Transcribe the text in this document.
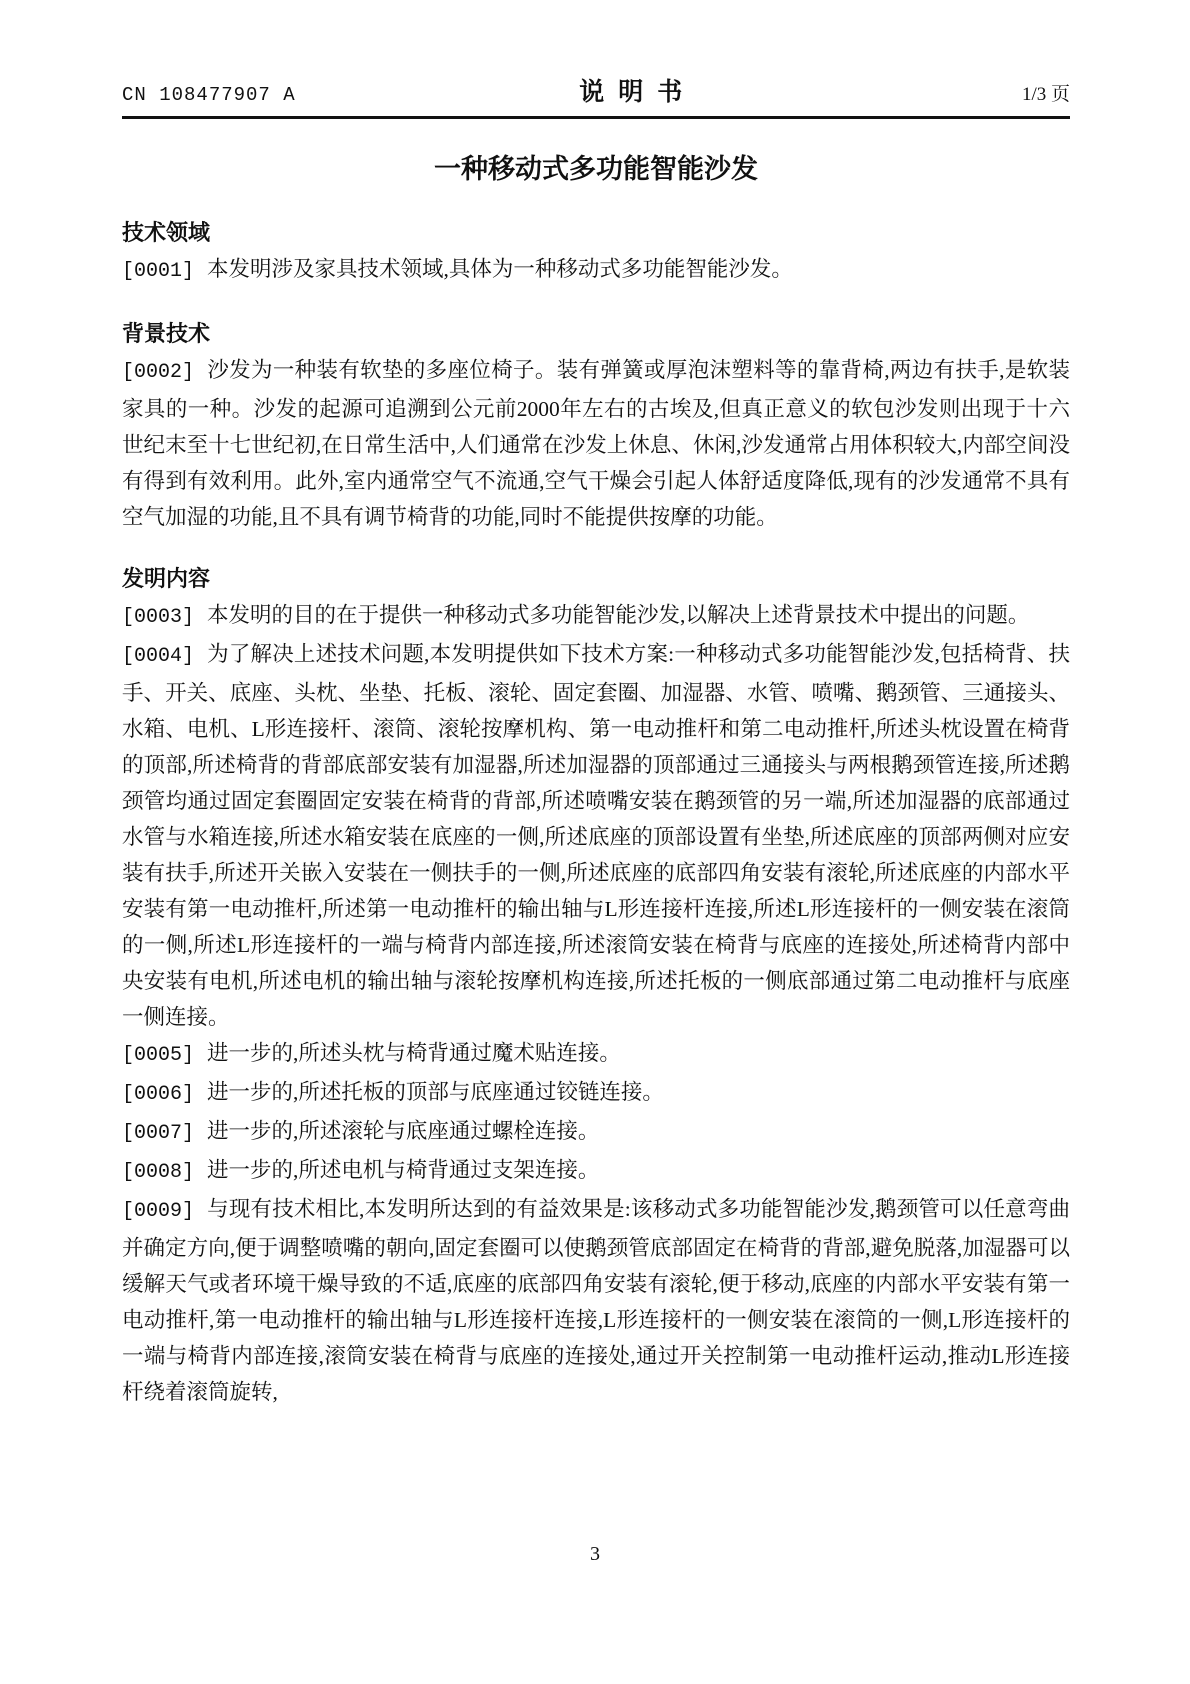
CN 108477907 A	说明书	1/3 页
一种移动式多功能智能沙发
技术领域

[0001] 本发明涉及家具技术领域,具体为一种移动式多功能智能沙发。

背景技术

[0002] 沙发为一种装有软垫的多座位椅子。装有弹簧或厚泡沫塑料等的靠背椅,两边有扶手,是软装家具的一种。沙发的起源可追溯到公元前2000年左右的古埃及,但真正意义的软包沙发则出现于十六世纪末至十七世纪初,在日常生活中,人们通常在沙发上休息、休闲,沙发通常占用体积较大,内部空间没有得到有效利用。此外,室内通常空气不流通,空气干燥会引起人体舒适度降低,现有的沙发通常不具有空气加湿的功能,且不具有调节椅背的功能,同时不能提供按摩的功能。

发明内容

[0003] 本发明的目的在于提供一种移动式多功能智能沙发,以解决上述背景技术中提出的问题。

[0004] 为了解决上述技术问题,本发明提供如下技术方案:一种移动式多功能智能沙发,包括椅背、扶手、开关、底座、头枕、坐垫、托板、滚轮、固定套圈、加湿器、水管、喷嘴、鹅颈管、三通接头、水箱、电机、L形连接杆、滚筒、滚轮按摩机构、第一电动推杆和第二电动推杆,所述头枕设置在椅背的顶部,所述椅背的背部底部安装有加湿器,所述加湿器的顶部通过三通接头与两根鹅颈管连接,所述鹅颈管均通过固定套圈固定安装在椅背的背部,所述喷嘴安装在鹅颈管的另一端,所述加湿器的底部通过水管与水箱连接,所述水箱安装在底座的一侧,所述底座的顶部设置有坐垫,所述底座的顶部两侧对应安装有扶手,所述开关嵌入安装在一侧扶手的一侧,所述底座的底部四角安装有滚轮,所述底座的内部水平安装有第一电动推杆,所述第一电动推杆的输出轴与L形连接杆连接,所述L形连接杆的一侧安装在滚筒的一侧,所述L形连接杆的一端与椅背内部连接,所述滚筒安装在椅背与底座的连接处,所述椅背内部中央安装有电机,所述电机的输出轴与滚轮按摩机构连接,所述托板的一侧底部通过第二电动推杆与底座一侧连接。

[0005] 进一步的,所述头枕与椅背通过魔术贴连接。

[0006] 进一步的,所述托板的顶部与底座通过铰链连接。

[0007] 进一步的,所述滚轮与底座通过螺栓连接。

[0008] 进一步的,所述电机与椅背通过支架连接。

[0009] 与现有技术相比,本发明所达到的有益效果是:该移动式多功能智能沙发,鹅颈管可以任意弯曲并确定方向,便于调整喷嘴的朝向,固定套圈可以使鹅颈管底部固定在椅背的背部,避免脱落,加湿器可以缓解天气或者环境干燥导致的不适,底座的底部四角安装有滚轮,便于移动,底座的内部水平安装有第一电动推杆,第一电动推杆的输出轴与L形连接杆连接,L形连接杆的一侧安装在滚筒的一侧,L形连接杆的一端与椅背内部连接,滚筒安装在椅背与底座的连接处,通过开关控制第一电动推杆运动,推动L形连接杆绕着滚筒旋转,

3
